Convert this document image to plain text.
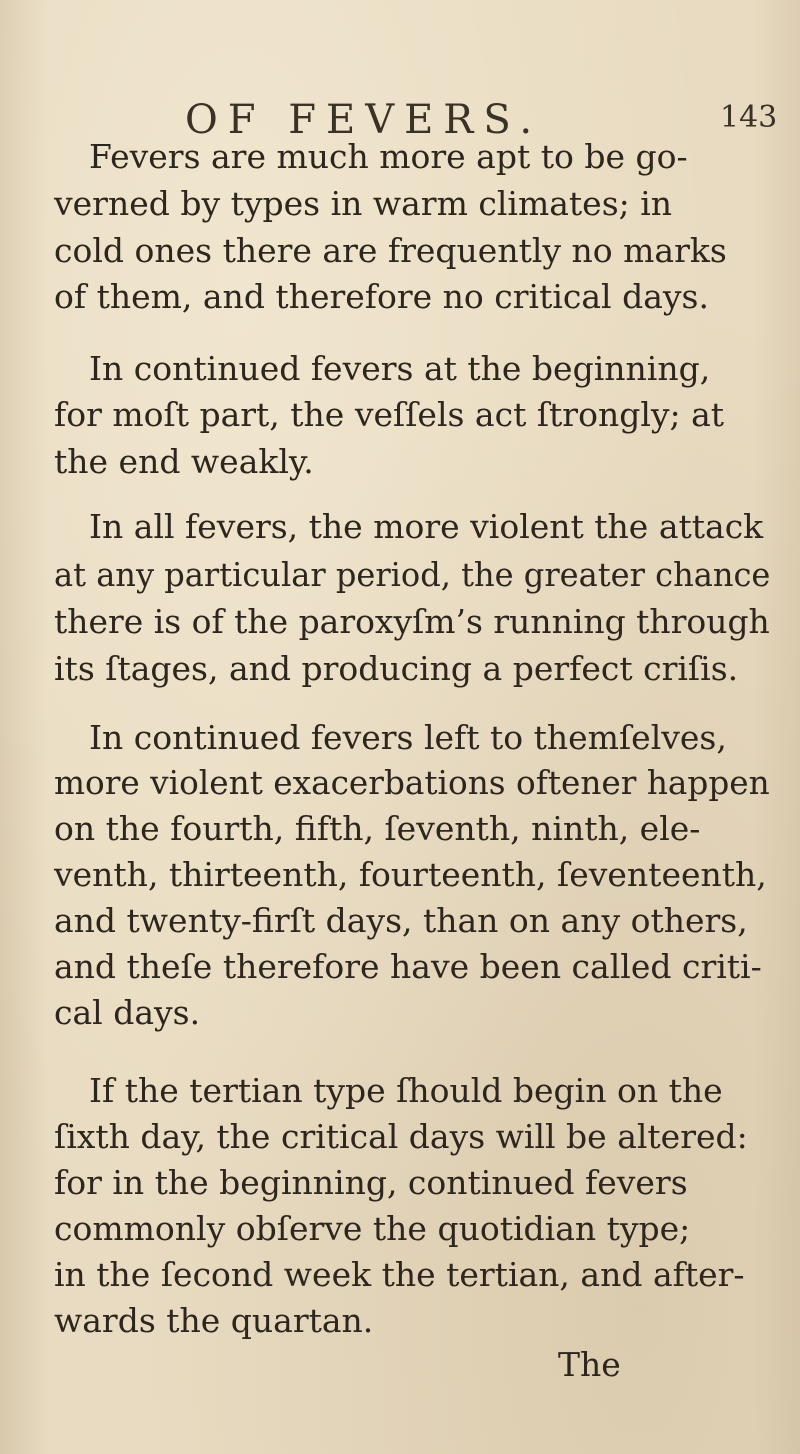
OF FEVERS.	143
Fevers are much more apt to be go-
verned by types in warm climates; in
cold ones there are frequently no marks
of them, and therefore no critical days.
In continued fevers at the beginning,
for moſt part, the veſſels act ſtrongly; at
the end weakly.
In all fevers, the more violent the attack
at any particular period, the greater chance
there is of the paroxyſm’s running through
its ſtages, and producing a perfect criſis.
In continued fevers left to themſelves,
more violent exacerbations oftener happen
on the fourth, fifth, ſeventh, ninth, ele-
venth, thirteenth, fourteenth, ſeventeenth,
and twenty-firſt days, than on any others,
and theſe therefore have been called criti-
cal days.
If the tertian type ſhould begin on the
ſixth day, the critical days will be altered:
for in the beginning, continued fevers
commonly obſerve the quotidian type;
in the ſecond week the tertian, and after-
wards the quartan.
The
